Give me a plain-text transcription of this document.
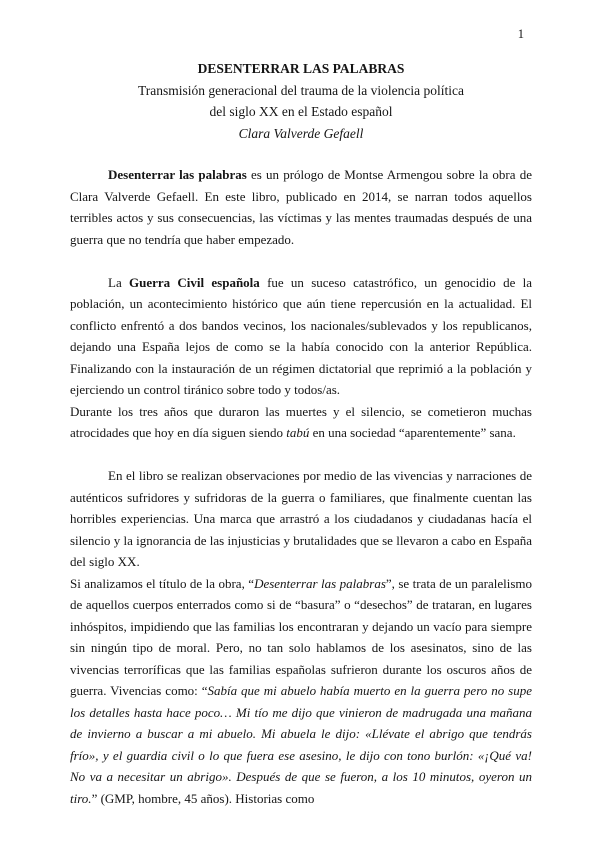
1
DESENTERRAR LAS PALABRAS
Transmisión generacional del trauma de la violencia política
del siglo XX en el Estado español
Clara Valverde Gefaell

Desenterrar las palabras es un prólogo de Montse Armengou sobre la obra de Clara Valverde Gefaell. En este libro, publicado en 2014, se narran todos aquellos terribles actos y sus consecuencias, las víctimas y las mentes traumadas después de una guerra que no tendría que haber empezado.

La Guerra Civil española fue un suceso catastrófico, un genocidio de la población, un acontecimiento histórico que aún tiene repercusión en la actualidad. El conflicto enfrentó a dos bandos vecinos, los nacionales/sublevados y los republicanos, dejando una España lejos de como se la había conocido con la anterior República. Finalizando con la instauración de un régimen dictatorial que reprimió a la población y ejerciendo un control tiránico sobre todo y todos/as.

Durante los tres años que duraron las muertes y el silencio, se cometieron muchas atrocidades que hoy en día siguen siendo tabú en una sociedad “aparentemente” sana.

En el libro se realizan observaciones por medio de las vivencias y narraciones de auténticos sufridores y sufridoras de la guerra o familiares, que finalmente cuentan las horribles experiencias. Una marca que arrastró a los ciudadanos y ciudadanas hacía el silencio y la ignorancia de las injusticias y brutalidades que se llevaron a cabo en España del siglo XX.

Si analizamos el título de la obra, “Desenterrar las palabras”, se trata de un paralelismo de aquellos cuerpos enterrados como si de “basura” o “desechos” de trataran, en lugares inhóspitos, impidiendo que las familias los encontraran y dejando un vacío para siempre sin ningún tipo de moral. Pero, no tan solo hablamos de los asesinatos, sino de las vivencias terroríficas que las familias españolas sufrieron durante los oscuros años de guerra. Vivencias como: “Sabía que mi abuelo había muerto en la guerra pero no supe los detalles hasta hace poco… Mi tío me dijo que vinieron de madrugada una mañana de invierno a buscar a mi abuelo. Mi abuela le dijo: «Llévate el abrigo que tendrás frío», y el guardia civil o lo que fuera ese asesino, le dijo con tono burlón: «¡Qué va! No va a necesitar un abrigo». Después de que se fueron, a los 10 minutos, oyeron un tiro.” (GMP, hombre, 45 años). Historias como
